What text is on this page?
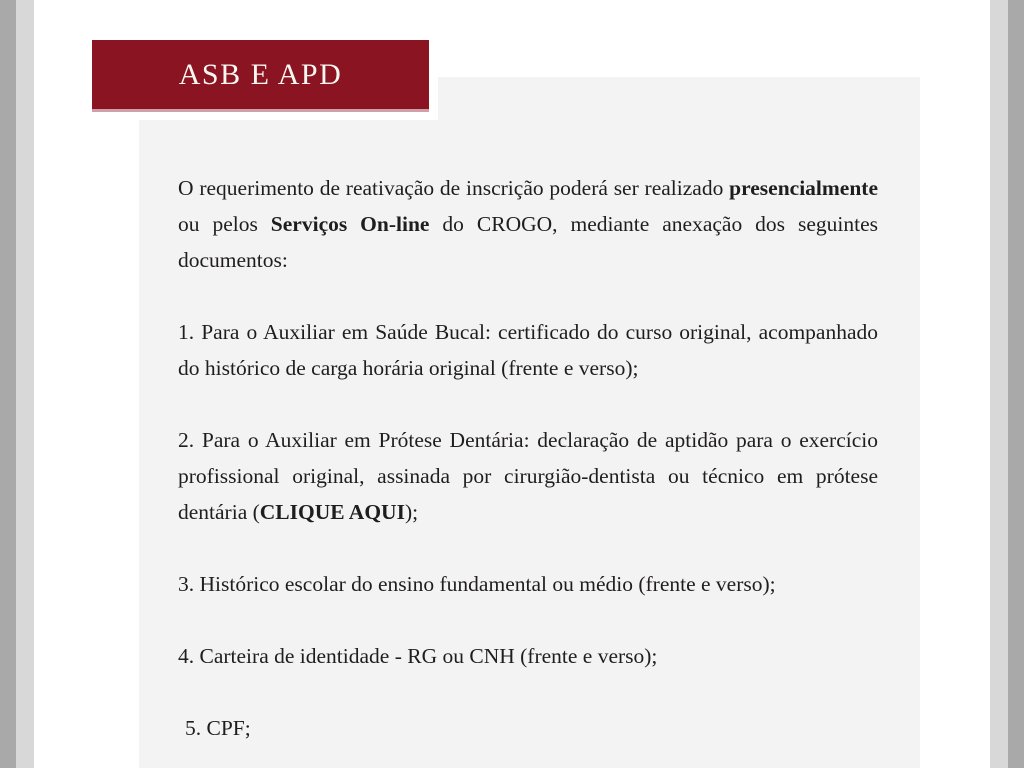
O requerimento de reativação de inscrição poderá ser realizado presencialmente ou pelos Serviços On-line do CROGO, mediante anexação dos seguintes documentos:

1. Para o Auxiliar em Saúde Bucal: certificado do curso original, acompanhado do histórico de carga horária original (frente e verso);

2. Para o Auxiliar em Prótese Dentária: declaração de aptidão para o exercício profissional original, assinada por cirurgião-dentista ou técnico em prótese dentária (CLIQUE AQUI);

3. Histórico escolar do ensino fundamental ou médio (frente e verso);

4. Carteira de identidade - RG ou CNH (frente e verso);

5. CPF;

ASB E APD
